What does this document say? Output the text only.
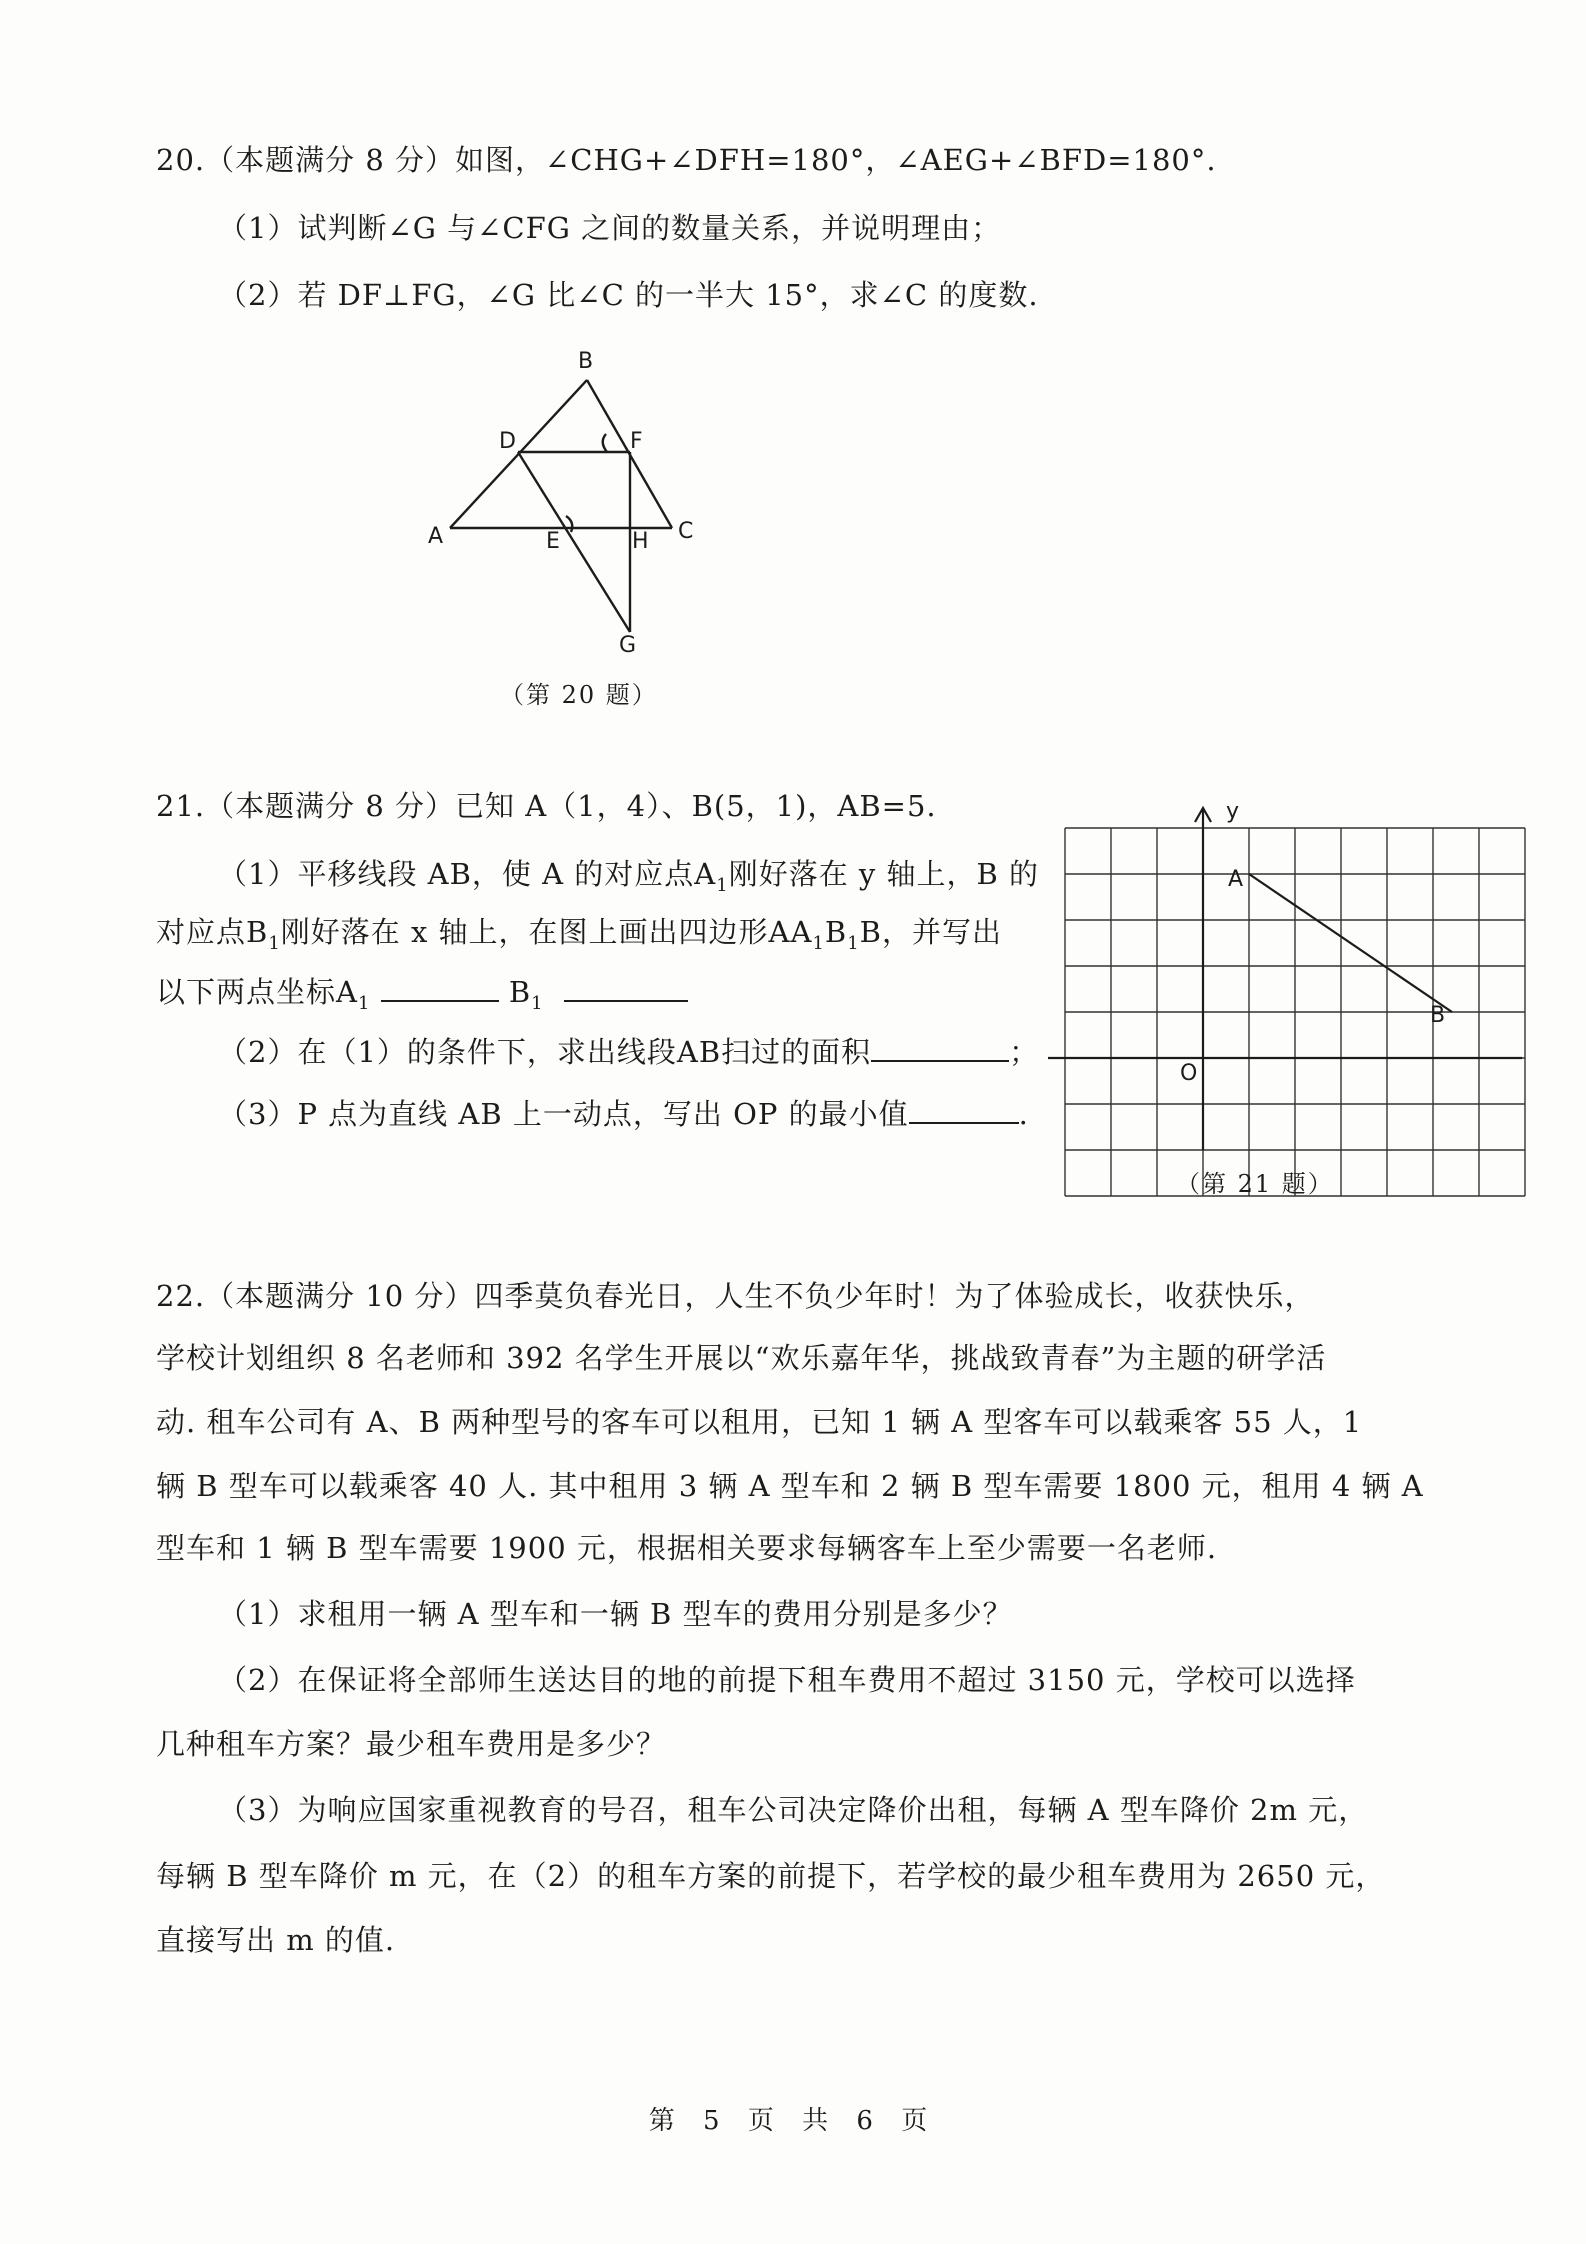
20.（本题满分 8 分）如图，∠CHG+∠DFH=180°，∠AEG+∠BFD=180°.
（1）试判断∠G 与∠CFG 之间的数量关系，并说明理由；
（2）若 DF⊥FG，∠G 比∠C 的一半大 15°，求∠C 的度数.
B
D	F
A	E	H C
G
（第 20 题）
21.（本题满分 8 分）已知 A（1，4）、B(5，1)，AB=5.
（1）平移线段 AB，使 A 的对应点$A_1$刚好落在 y 轴上，B 的
对应点$B_1$刚好落在 x 轴上，在图上画出四边形$AA_1B_1B$，并写出
以下两点坐标$A_1$	$B_1$
（2）在（1）的条件下，求出线段AB扫过的面积	；
（3）P 点为直线 AB 上一动点，写出 OP 的最小值	.
y
O
A
B
（第 21 题）
22.（本题满分 10 分）四季莫负春光日，人生不负少年时！为了体验成长，收获快乐，
学校计划组织 8 名老师和 392 名学生开展以“欢乐嘉年华，挑战致青春”为主题的研学活
动. 租车公司有 A、B 两种型号的客车可以租用，已知 1 辆 A 型客车可以载乘客 55 人，1
辆 B 型车可以载乘客 40 人. 其中租用 3 辆 A 型车和 2 辆 B 型车需要 1800 元，租用 4 辆 A
型车和 1 辆 B 型车需要 1900 元，根据相关要求每辆客车上至少需要一名老师.
（1）求租用一辆 A 型车和一辆 B 型车的费用分别是多少？
（2）在保证将全部师生送达目的地的前提下租车费用不超过 3150 元，学校可以选择
几种租车方案？最少租车费用是多少？
（3）为响应国家重视教育的号召，租车公司决定降价出租，每辆 A 型车降价 2m 元，
每辆 B 型车降价 m 元，在（2）的租车方案的前提下，若学校的最少租车费用为 2650 元，
直接写出 m 的值.
第 5 页 共 6 页
